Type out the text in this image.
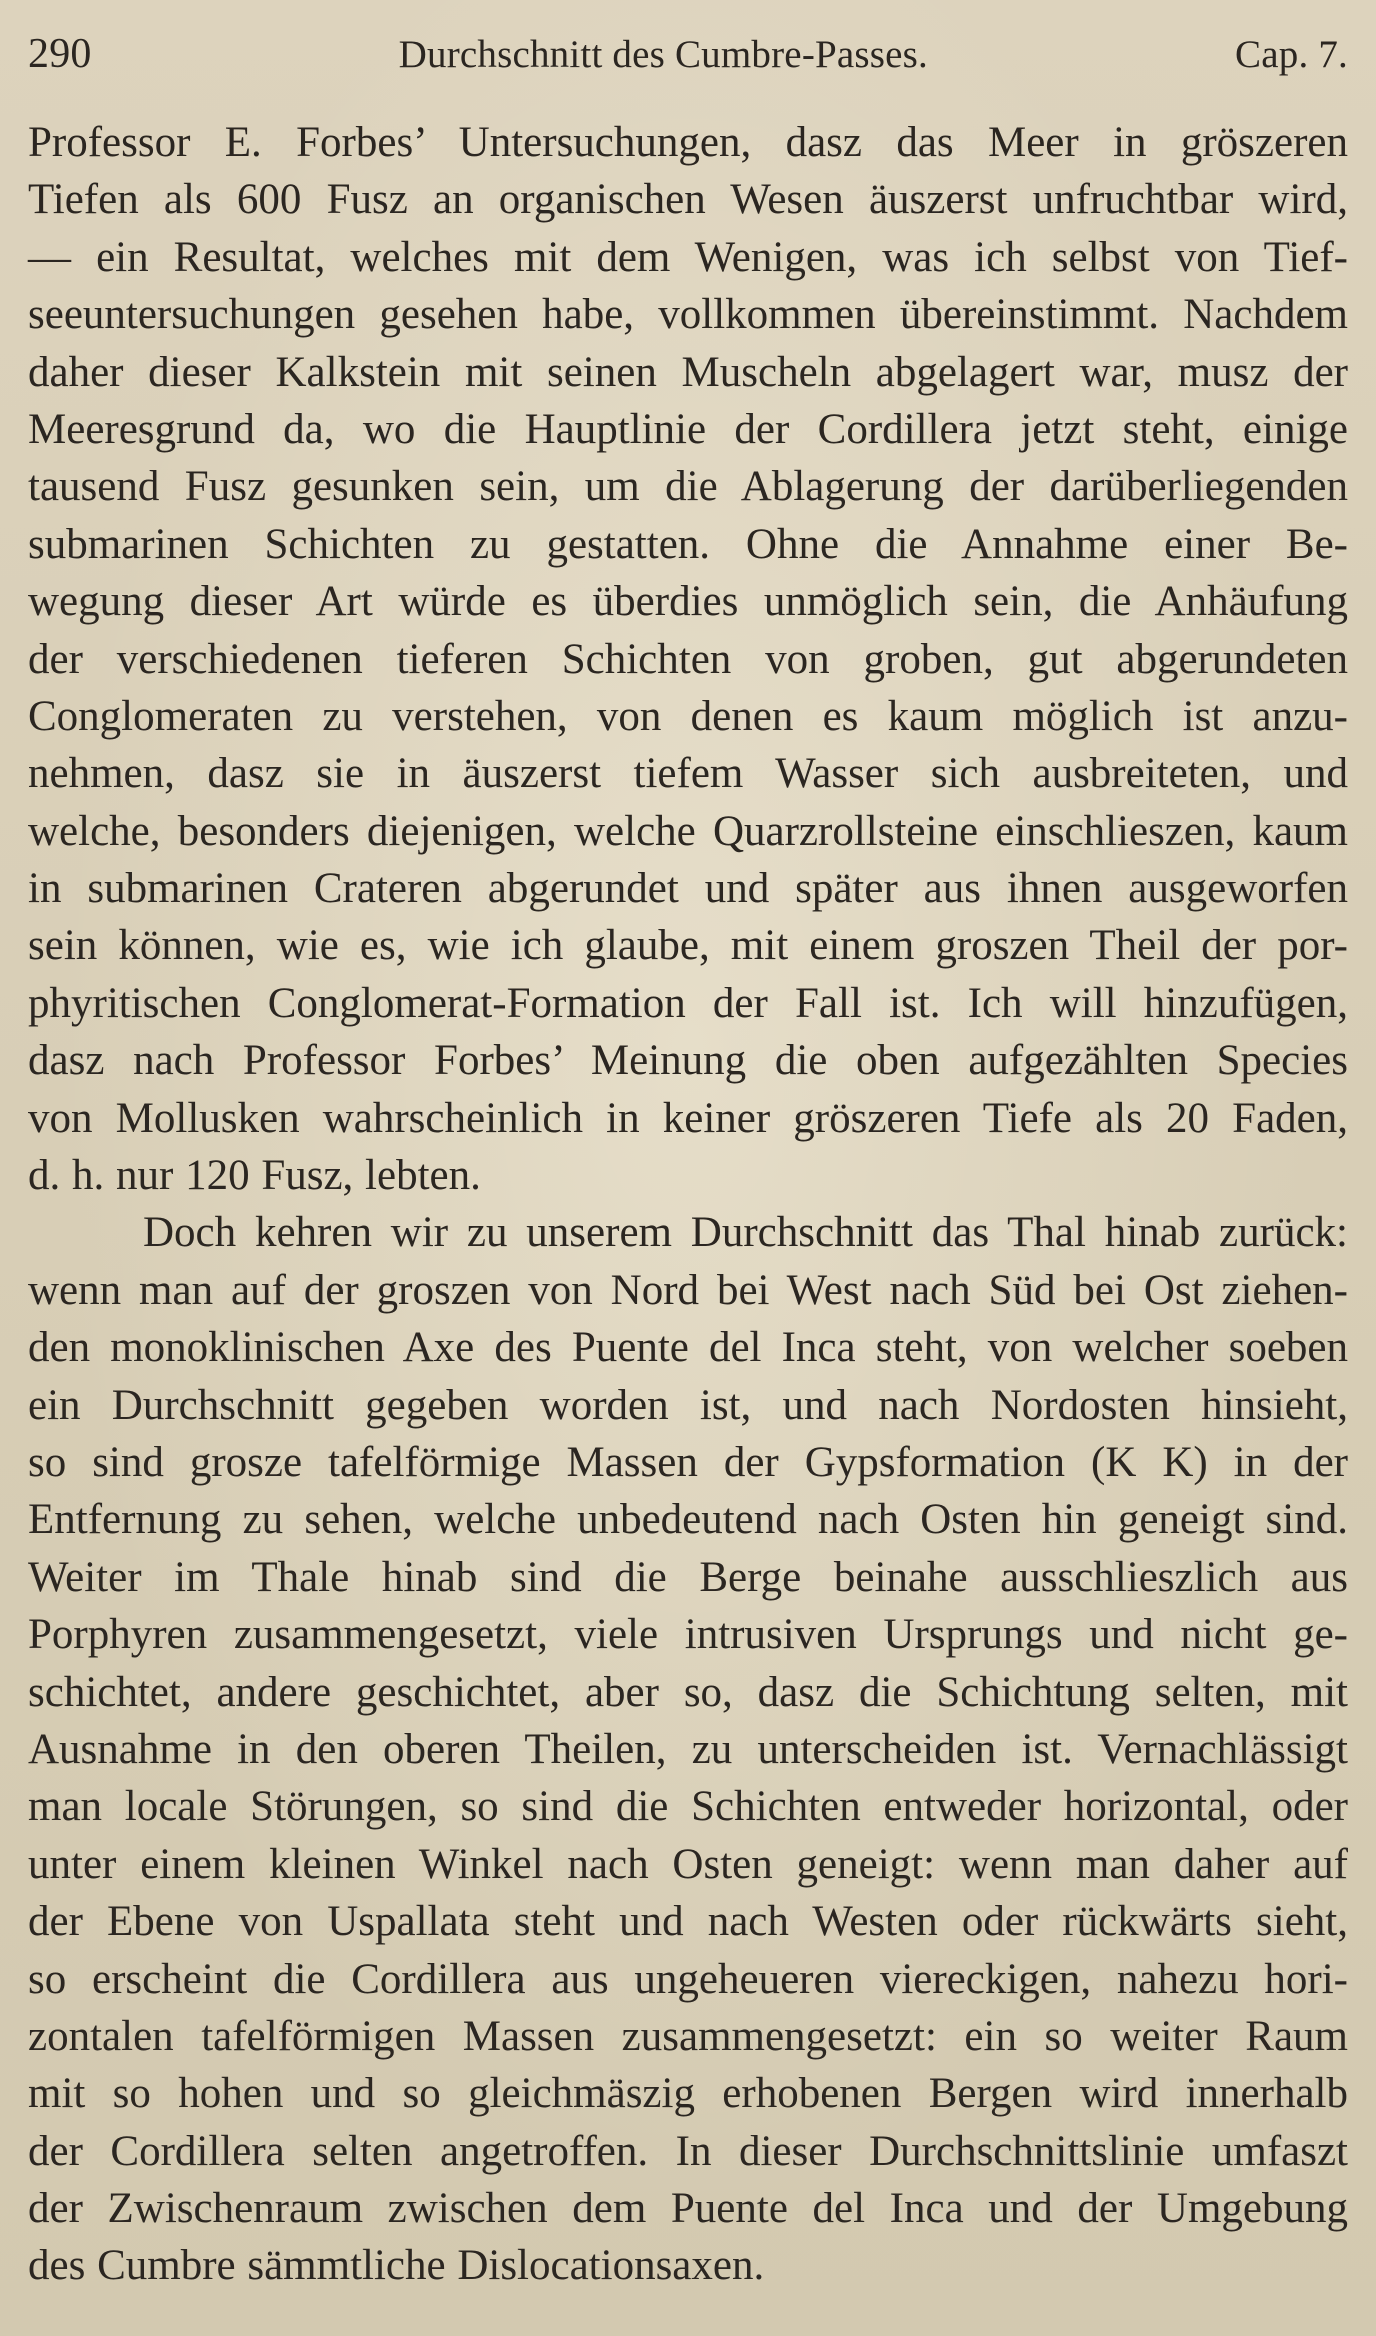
290	Durchschnitt des Cumbre-Passes.	Cap. 7.
Professor E. Forbes’ Untersuchungen, dasz das Meer in grӧszeren
Tiefen als 600 Fusz an organischen Wesen äuszerst unfruchtbar wird,
— ein Resultat, welches mit dem Wenigen, was ich selbst von Tief-
seeuntersuchungen gesehen habe, vollkommen übereinstimmt. Nachdem
daher dieser Kalkstein mit seinen Muscheln abgelagert war, musz der
Meeresgrund da, wo die Hauptlinie der Cordillera jetzt steht, einige
tausend Fusz gesunken sein, um die Ablagerung der darüberliegenden
submarinen Schichten zu gestatten. Ohne die Annahme einer Be-
wegung dieser Art würde es überdies unmӧglich sein, die Anhäufung
der verschiedenen tieferen Schichten von groben, gut abgerundeten
Conglomeraten zu verstehen, von denen es kaum mӧglich ist anzu-
nehmen, dasz sie in äuszerst tiefem Wasser sich ausbreiteten, und
welche, besonders diejenigen, welche Quarzrollsteine einschlieszen, kaum
in submarinen Crateren abgerundet und später aus ihnen ausgeworfen
sein kӧnnen, wie es, wie ich glaube, mit einem groszen Theil der por-
phyritischen Conglomerat-Formation der Fall ist. Ich will hinzufügen,
dasz nach Professor Forbes’ Meinung die oben aufgezählten Species
von Mollusken wahrscheinlich in keiner grӧszeren Tiefe als 20 Faden,
d. h. nur 120 Fusz, lebten.
Doch kehren wir zu unserem Durchschnitt das Thal hinab zurück:
wenn man auf der groszen von Nord bei West nach Süd bei Ost ziehen-
den monoklinischen Axe des Puente del Inca steht, von welcher soeben
ein Durchschnitt gegeben worden ist, und nach Nordosten hinsieht,
so sind grosze tafelfӧrmige Massen der Gypsformation (K K) in der
Entfernung zu sehen, welche unbedeutend nach Osten hin geneigt sind.
Weiter im Thale hinab sind die Berge beinahe ausschlieszlich aus
Porphyren zusammengesetzt, viele intrusiven Ursprungs und nicht ge-
schichtet, andere geschichtet, aber so, dasz die Schichtung selten, mit
Ausnahme in den oberen Theilen, zu unterscheiden ist. Vernachlässigt
man locale Stӧrungen, so sind die Schichten entweder horizontal, oder
unter einem kleinen Winkel nach Osten geneigt: wenn man daher auf
der Ebene von Uspallata steht und nach Westen oder rückwärts sieht,
so erscheint die Cordillera aus ungeheueren viereckigen, nahezu hori-
zontalen tafelfӧrmigen Massen zusammengesetzt: ein so weiter Raum
mit so hohen und so gleichmäszig erhobenen Bergen wird innerhalb
der Cordillera selten angetroffen. In dieser Durchschnittslinie umfaszt
der Zwischenraum zwischen dem Puente del Inca und der Umgebung
des Cumbre sämmtliche Dislocationsaxen.
